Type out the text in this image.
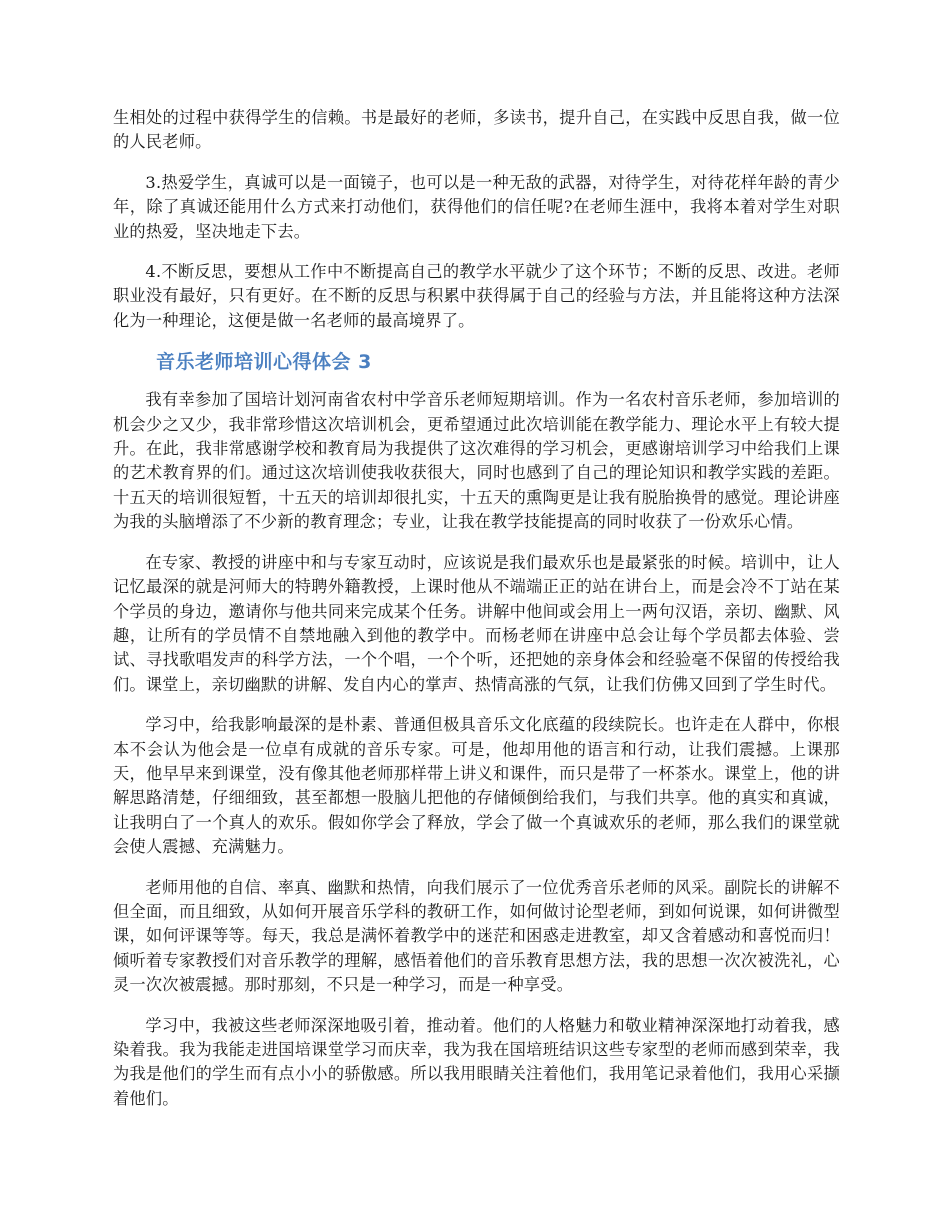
生相处的过程中获得学生的信赖。书是最好的老师，多读书，提升自己，在实践中反思自我，做一位的人民老师。

3.热爱学生，真诚可以是一面镜子，也可以是一种无敌的武器，对待学生，对待花样年龄的青少年，除了真诚还能用什么方式来打动他们，获得他们的信任呢?在老师生涯中，我将本着对学生对职业的热爱，坚决地走下去。

4.不断反思，要想从工作中不断提高自己的教学水平就少了这个环节；不断的反思、改进。老师职业没有最好，只有更好。在不断的反思与积累中获得属于自己的经验与方法，并且能将这种方法深化为一种理论，这便是做一名老师的最高境界了。

音乐老师培训心得体会 3

我有幸参加了国培计划河南省农村中学音乐老师短期培训。作为一名农村音乐老师，参加培训的机会少之又少，我非常珍惜这次培训机会，更希望通过此次培训能在教学能力、理论水平上有较大提升。在此，我非常感谢学校和教育局为我提供了这次难得的学习机会，更感谢培训学习中给我们上课的艺术教育界的们。通过这次培训使我收获很大，同时也感到了自己的理论知识和教学实践的差距。十五天的培训很短暂，十五天的培训却很扎实，十五天的熏陶更是让我有脱胎换骨的感觉。理论讲座为我的头脑增添了不少新的教育理念；专业，让我在教学技能提高的同时收获了一份欢乐心情。

在专家、教授的讲座中和与专家互动时，应该说是我们最欢乐也是最紧张的时候。培训中，让人记忆最深的就是河师大的特聘外籍教授，上课时他从不端端正正的站在讲台上，而是会冷不丁站在某个学员的身边，邀请你与他共同来完成某个任务。讲解中他间或会用上一两句汉语，亲切、幽默、风趣，让所有的学员情不自禁地融入到他的教学中。而杨老师在讲座中总会让每个学员都去体验、尝试、寻找歌唱发声的科学方法，一个个唱，一个个听，还把她的亲身体会和经验毫不保留的传授给我们。课堂上，亲切幽默的讲解、发自内心的掌声、热情高涨的气氛，让我们仿佛又回到了学生时代。

学习中，给我影响最深的是朴素、普通但极具音乐文化底蕴的段续院长。也许走在人群中，你根本不会认为他会是一位卓有成就的音乐专家。可是，他却用他的语言和行动，让我们震撼。上课那天，他早早来到课堂，没有像其他老师那样带上讲义和课件，而只是带了一杯茶水。课堂上，他的讲解思路清楚，仔细细致，甚至都想一股脑儿把他的存储倾倒给我们，与我们共享。他的真实和真诚，让我明白了一个真人的欢乐。假如你学会了释放，学会了做一个真诚欢乐的老师，那么我们的课堂就会使人震撼、充满魅力。

老师用他的自信、率真、幽默和热情，向我们展示了一位优秀音乐老师的风采。副院长的讲解不但全面，而且细致，从如何开展音乐学科的教研工作，如何做讨论型老师，到如何说课，如何讲微型课，如何评课等等。每天，我总是满怀着教学中的迷茫和困惑走进教室，却又含着感动和喜悦而归！倾听着专家教授们对音乐教学的理解，感悟着他们的音乐教育思想方法，我的思想一次次被洗礼，心灵一次次被震撼。那时那刻，不只是一种学习，而是一种享受。

学习中，我被这些老师深深地吸引着，推动着。他们的人格魅力和敬业精神深深地打动着我，感染着我。我为我能走进国培课堂学习而庆幸，我为我在国培班结识这些专家型的老师而感到荣幸，我为我是他们的学生而有点小小的骄傲感。所以我用眼睛关注着他们，我用笔记录着他们，我用心采撷着他们。
